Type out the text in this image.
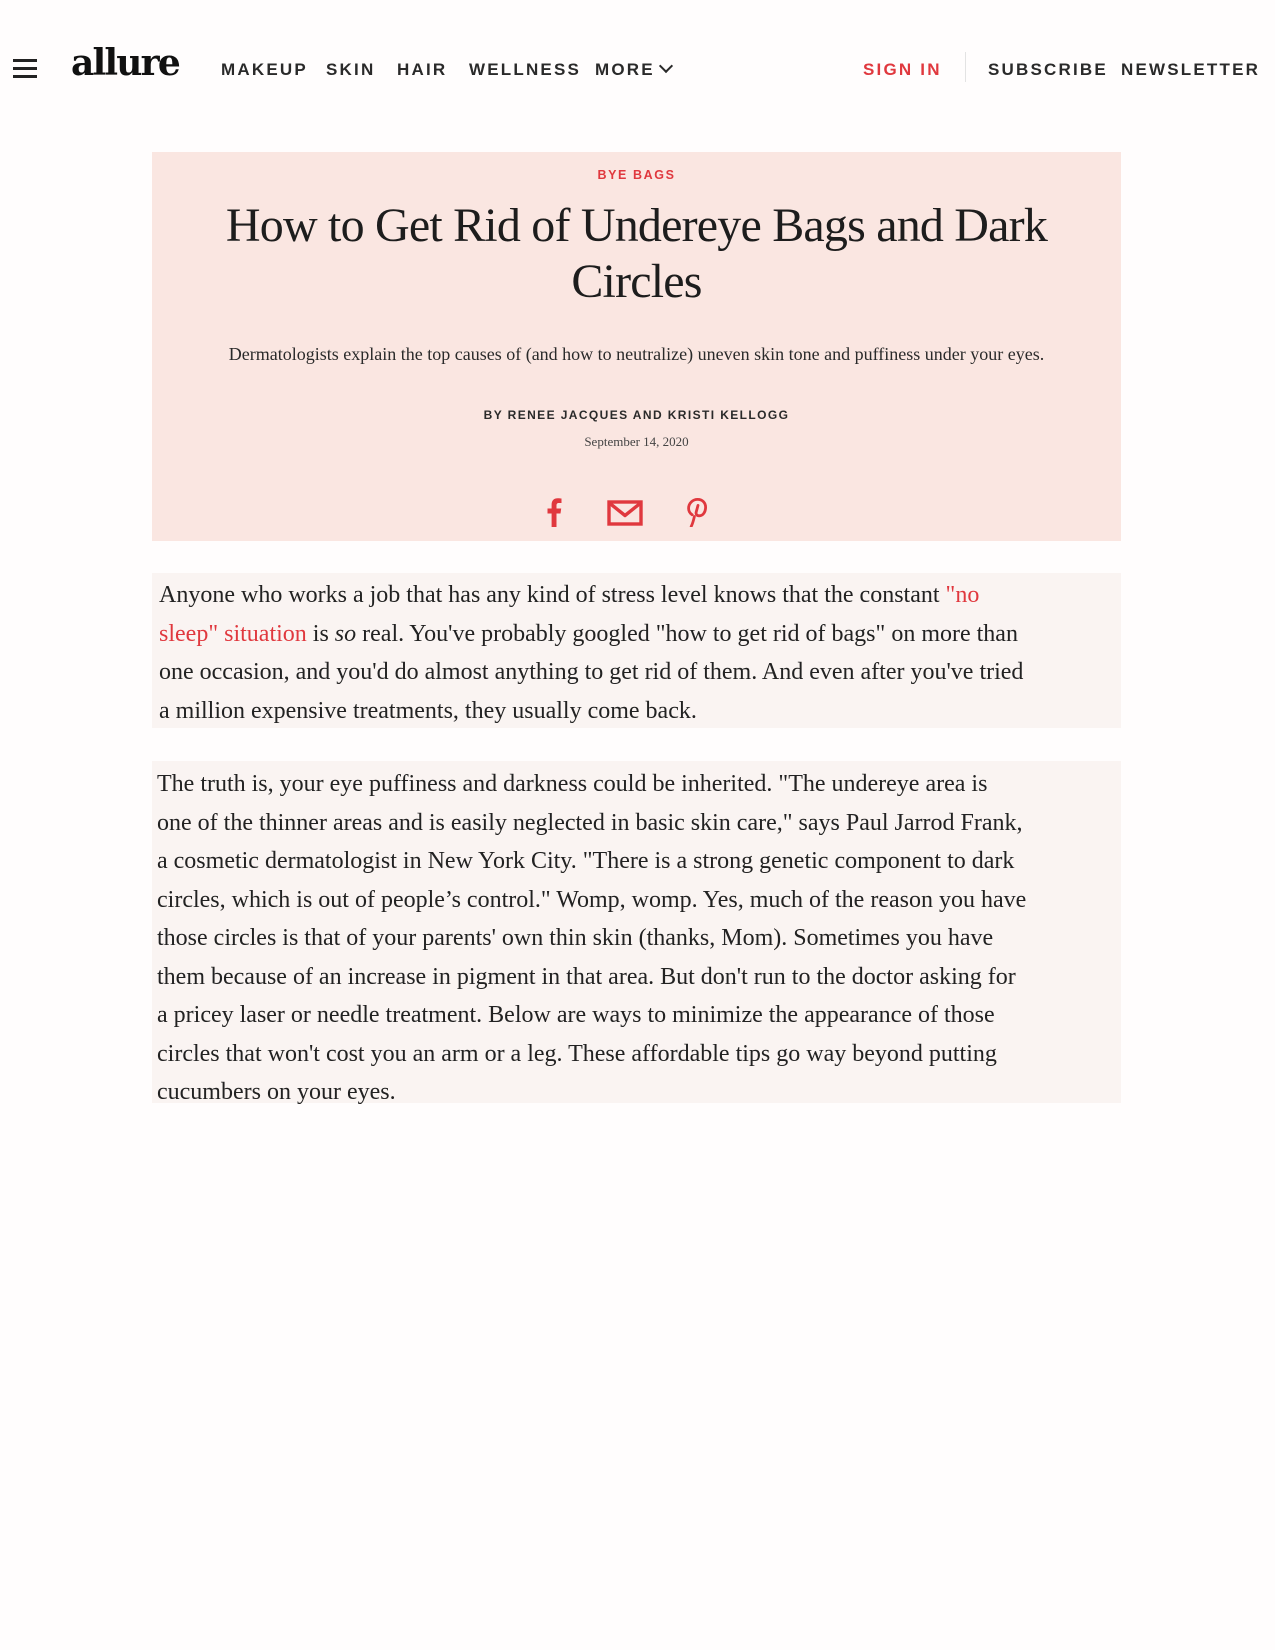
allure MAKEUP SKIN HAIR WELLNESS MORE	SIGN IN	SUBSCRIBE NEWSLETTER
BYE BAGS
How to Get Rid of Undereye Bags and Dark
Circles
Dermatologists explain the top causes of (and how to neutralize) uneven skin tone and puffiness under your eyes.
BY RENEE JACQUES AND KRISTI KELLOGG
September 14, 2020
Anyone who works a job that has any kind of stress level knows that the constant "no
sleep" situation is so real. You've probably googled "how to get rid of bags" on more than
one occasion, and you'd do almost anything to get rid of them. And even after you've tried
a million expensive treatments, they usually come back.
The truth is, your eye puffiness and darkness could be inherited. "The undereye area is
one of the thinner areas and is easily neglected in basic skin care," says Paul Jarrod Frank,
a cosmetic dermatologist in New York City. "There is a strong genetic component to dark
circles, which is out of people’s control." Womp, womp. Yes, much of the reason you have
those circles is that of your parents' own thin skin (thanks, Mom). Sometimes you have
them because of an increase in pigment in that area. But don't run to the doctor asking for
a pricey laser or needle treatment. Below are ways to minimize the appearance of those
circles that won't cost you an arm or a leg. These affordable tips go way beyond putting
cucumbers on your eyes.
